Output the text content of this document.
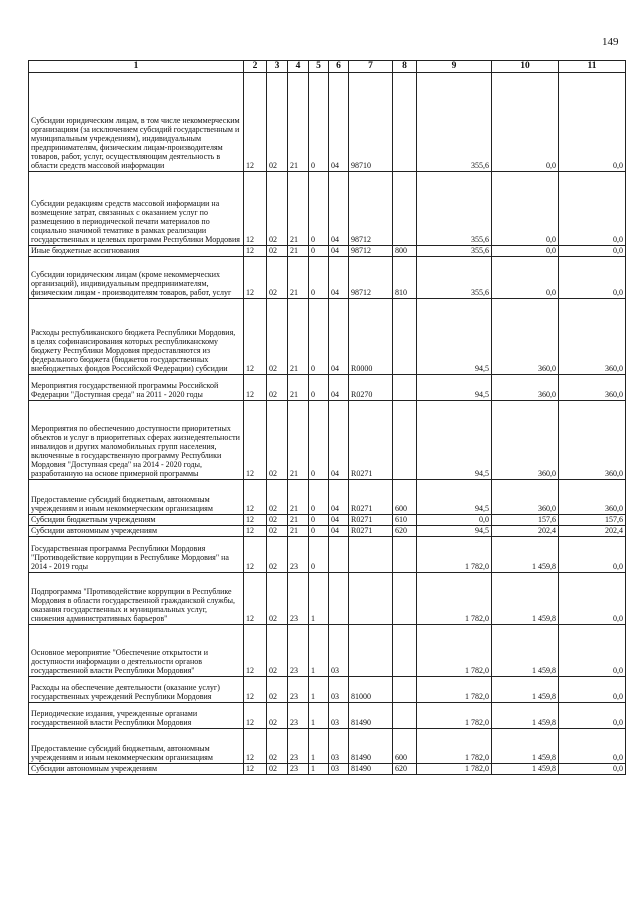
149
1	2	3	4	5	6	7	8	9	10	11
Субсидии юридическим лицам, в том числе некоммерческим организациям (за исключением субсидий государственным и муниципальным учреждениям), индивидуальным предпринимателям, физическим лицам-производителям товаров, работ, услуг, осуществляющим деятельность в области средств массовой информации	12	02	21	0	04	98710		355,6	0,0	0,0
Субсидии редакциям средств массовой информации на возмещение затрат, связанных с оказанием услуг по размещению в периодической печати материалов по социально значимой тематике в рамках реализации государственных и целевых программ Республики Мордовия	12	02	21	0	04	98712		355,6	0,0	0,0
Иные бюджетные ассигнования	12	02	21	0	04	98712	800	355,6	0,0	0,0
Субсидии юридическим лицам (кроме некоммерческих организаций), индивидуальным предпринимателям, физическим лицам - производителям товаров, работ, услуг	12	02	21	0	04	98712	810	355,6	0,0	0,0
Расходы республиканского бюджета Республики Мордовия, в целях софинансирования которых республиканскому бюджету Республики Мордовия предоставляются из федерального бюджета (бюджетов государственных внебюджетных фондов Российской Федерации) субсидии	12	02	21	0	04	R0000		94,5	360,0	360,0
Мероприятия государственной программы Российской Федерации "Доступная среда" на 2011 - 2020 годы	12	02	21	0	04	R0270		94,5	360,0	360,0
Мероприятия по обеспечению доступности приоритетных объектов и услуг в приоритетных сферах жизнедеятельности инвалидов и других маломобильных групп населения, включенные в государственную программу Республики Мордовия "Доступная среда" на 2014 - 2020 годы, разработанную на основе примерной программы	12	02	21	0	04	R0271		94,5	360,0	360,0
Предоставление субсидий бюджетным, автономным учреждениям и иным некоммерческим организациям	12	02	21	0	04	R0271	600	94,5	360,0	360,0
Субсидии бюджетным учреждениям	12	02	21	0	04	R0271	610	0,0	157,6	157,6
Субсидии автономным учреждениям	12	02	21	0	04	R0271	620	94,5	202,4	202,4
Государственная программа Республики Мордовия "Противодействие коррупции в Республике Мордовия" на 2014 - 2019 годы	12	02	23	0				1 782,0	1 459,8	0,0
Подпрограмма "Противодействие коррупции в Республике Мордовия в области государственной гражданской службы, оказания государственных и муниципальных услуг, снижения административных барьеров"	12	02	23	1				1 782,0	1 459,8	0,0
Основное мероприятие "Обеспечение открытости и доступности информации о деятельности органов государственной власти Республики Мордовия"	12	02	23	1	03			1 782,0	1 459,8	0,0
Расходы на обеспечение деятельности (оказание услуг) государственных учреждений Республики Мордовия	12	02	23	1	03	81000		1 782,0	1 459,8	0,0
Периодические издания, учрежденные органами государственной власти Республики Мордовия	12	02	23	1	03	81490		1 782,0	1 459,8	0,0
Предоставление субсидий бюджетным, автономным учреждениям и иным некоммерческим организациям	12	02	23	1	03	81490	600	1 782,0	1 459,8	0,0
Субсидии автономным учреждениям	12	02	23	1	03	81490	620	1 782,0	1 459,8	0,0
